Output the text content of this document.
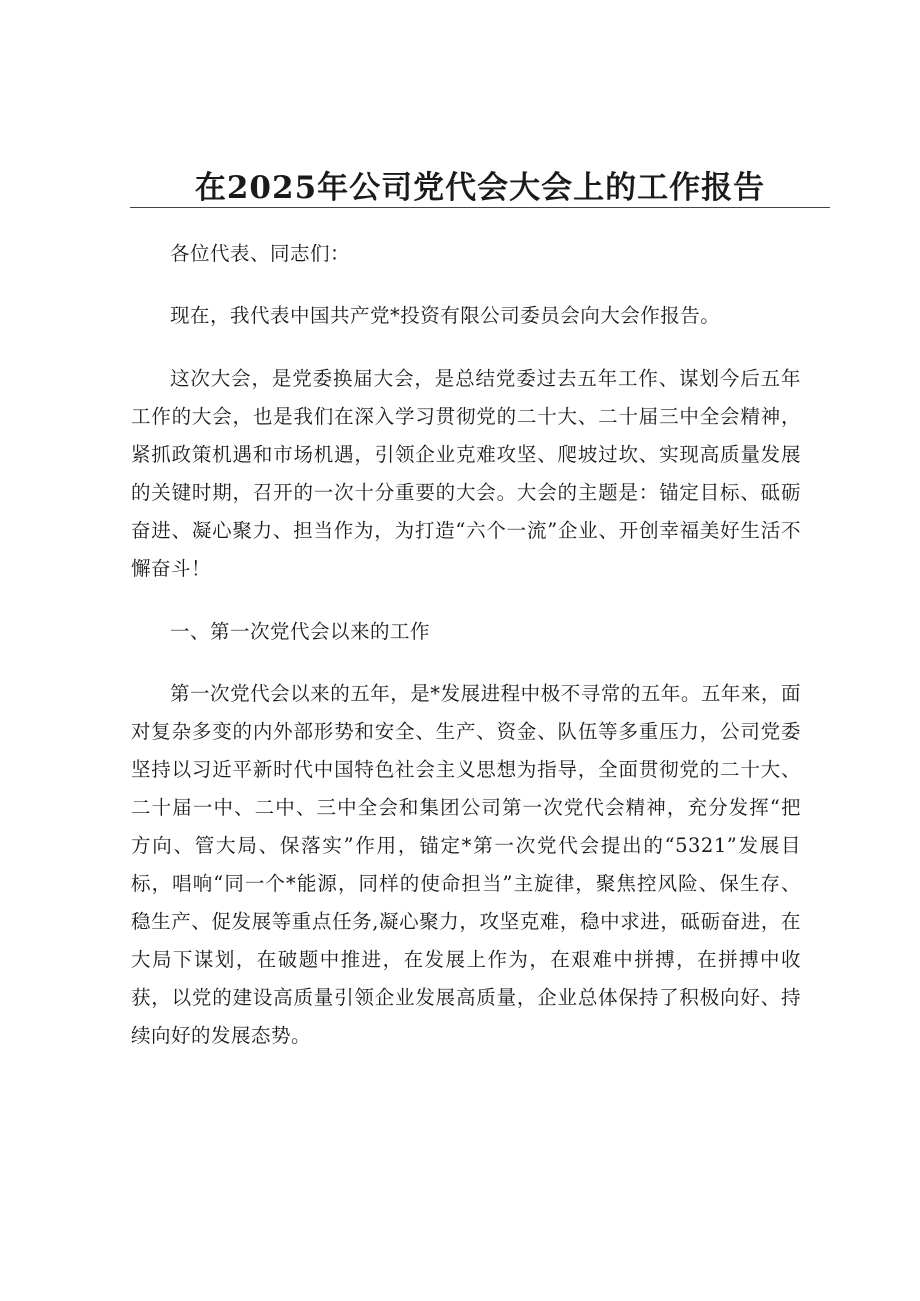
在2025年公司党代会大会上的工作报告

各位代表、同志们：

现在，我代表中国共产党*投资有限公司委员会向大会作报告。

这次大会，是党委换届大会，是总结党委过去五年工作、谋划今后五年工作的大会，也是我们在深入学习贯彻党的二十大、二十届三中全会精神，紧抓政策机遇和市场机遇，引领企业克难攻坚、爬坡过坎、实现高质量发展的关键时期，召开的一次十分重要的大会。大会的主题是：锚定目标、砥砺奋进、凝心聚力、担当作为，为打造“六个一流”企业、开创幸福美好生活不懈奋斗！

一、第一次党代会以来的工作

第一次党代会以来的五年，是*发展进程中极不寻常的五年。五年来，面对复杂多变的内外部形势和安全、生产、资金、队伍等多重压力，公司党委坚持以习近平新时代中国特色社会主义思想为指导，全面贯彻党的二十大、二十届一中、二中、三中全会和集团公司第一次党代会精神，充分发挥“把方向、管大局、保落实”作用，锚定*第一次党代会提出的“5321”发展目标，唱响“同一个*能源，同样的使命担当”主旋律，聚焦控风险、保生存、稳生产、促发展等重点任务,凝心聚力，攻坚克难，稳中求进，砥砺奋进，在大局下谋划，在破题中推进，在发展上作为，在艰难中拼搏，在拼搏中收获，以党的建设高质量引领企业发展高质量，企业总体保持了积极向好、持续向好的发展态势。
